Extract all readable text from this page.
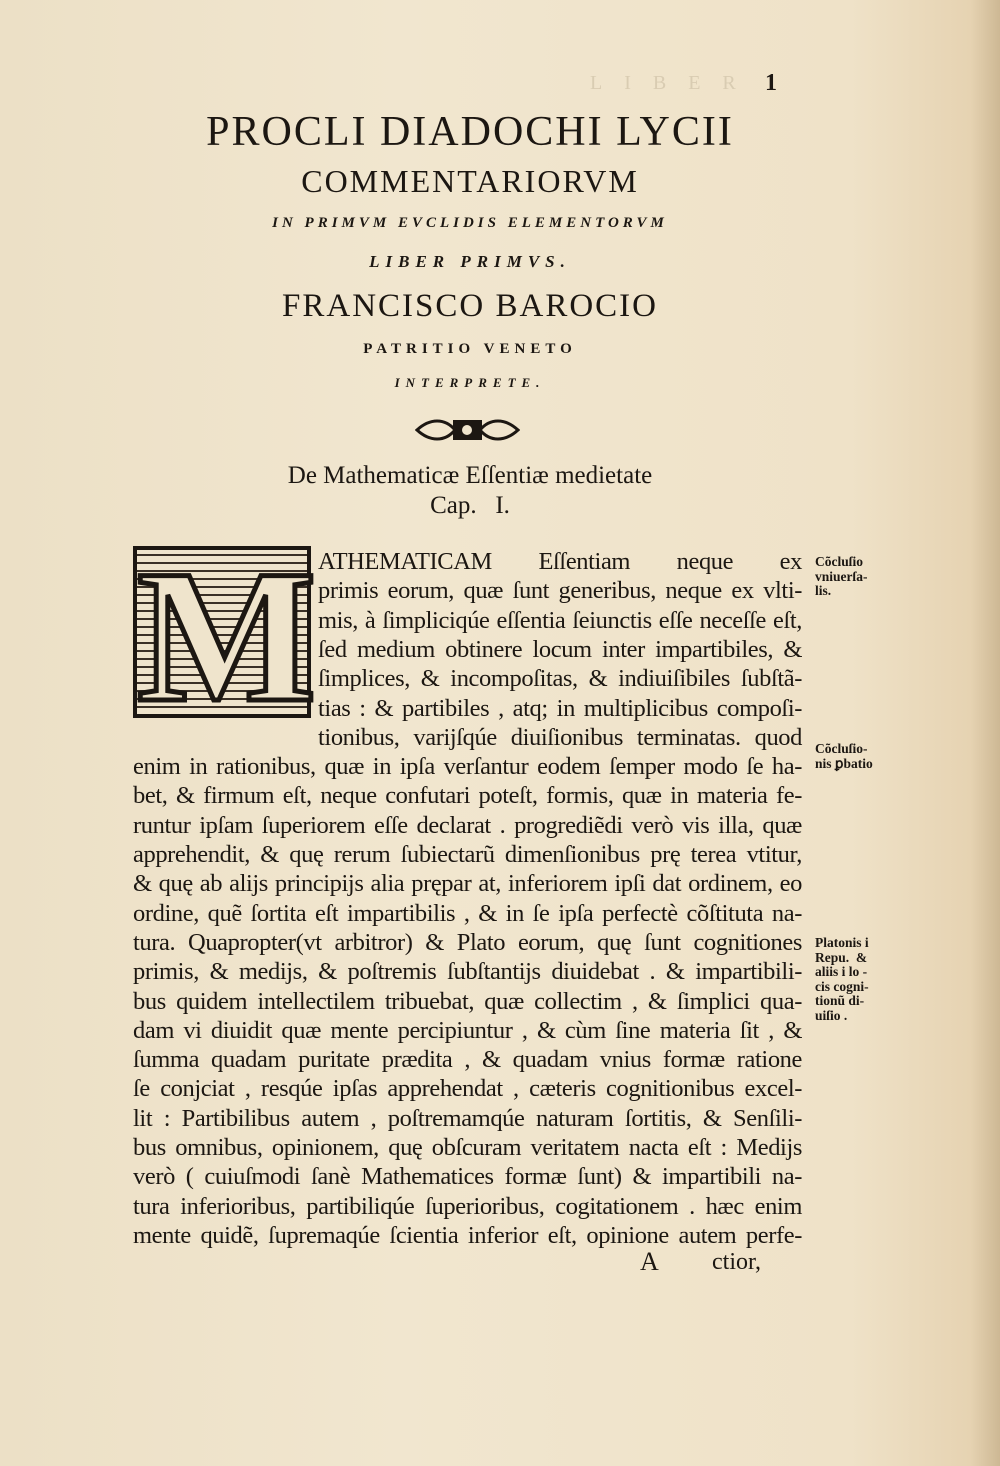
1
LIBER
PROCLI DIADOCHI LYCII
COMMENTARIORVM
IN PRIMVM EVCLIDIS ELEMENTORVM
LIBER PRIMVS.
FRANCISCO BAROCIO
PATRITIO VENETO
INTERPRETE.
De Mathematicæ Eſſentiæ medietate
Cap.   I.
M ATHEMATICAM Eſſentiam neque ex
primis eorum, quæ ſunt generibus, neque ex vlti-
mis, à ſimpliciqúe eſſentia ſeiunctis eſſe neceſſe eſt,
ſed medium obtinere locum inter impartibiles, &
ſimplices, & incompoſitas, & indiuiſibiles ſubſtã-
tias : & partibiles , atq; in multiplicibus compoſi-
tionibus, varijſqúe diuiſionibus terminatas. quod
enim in rationibus, quæ in ipſa verſantur eodem ſemper modo ſe ha-
bet, & firmum eſt, neque confutari poteſt, formis, quæ in materia fe-
runtur ipſam ſuperiorem eſſe declarat . progrediẽdi verò vis illa, quæ
apprehendit, & quę rerum ſubiectarũ dimenſionibus prę terea vtitur,
& quę ab alijs principijs alia prępar at, inferiorem ipſi dat ordinem, eo
ordine, quẽ ſortita eſt impartibilis , & in ſe ipſa perfectè cõſtituta na-
tura. Quapropter(vt arbitror) & Plato eorum, quę ſunt cognitiones
primis, & medijs, & poſtremis ſubſtantijs diuidebat . & impartibili-
bus quidem intellectilem tribuebat, quæ collectim , & ſimplici qua-
dam vi diuidit quæ mente percipiuntur , & cùm ſine materia ſit , &
ſumma quadam puritate prædita , & quadam vnius formæ ratione
ſe conjciat , resqúe ipſas apprehendat , cæteris cognitionibus excel-
lit : Partibilibus autem , poſtremamqúe naturam ſortitis, & Senſili-
bus omnibus, opinionem, quę obſcuram veritatem nacta eſt : Medijs
verò ( cuiuſmodi ſanè Mathematices formæ ſunt) & impartibili na-
tura inferioribus, partibiliqúe ſuperioribus, cogitationem . hæc enim
mente quidẽ, ſupremaqúe ſcientia inferior eſt, opinione autem perfe-
A ctior,
Cõcluſio
vniuerſa-
lis.
Cõcluſio-
nis ꝑbatio
Platonis i
Repu.  &
aliis i lo -
cis cogni-
tionũ di-
uiſio .
